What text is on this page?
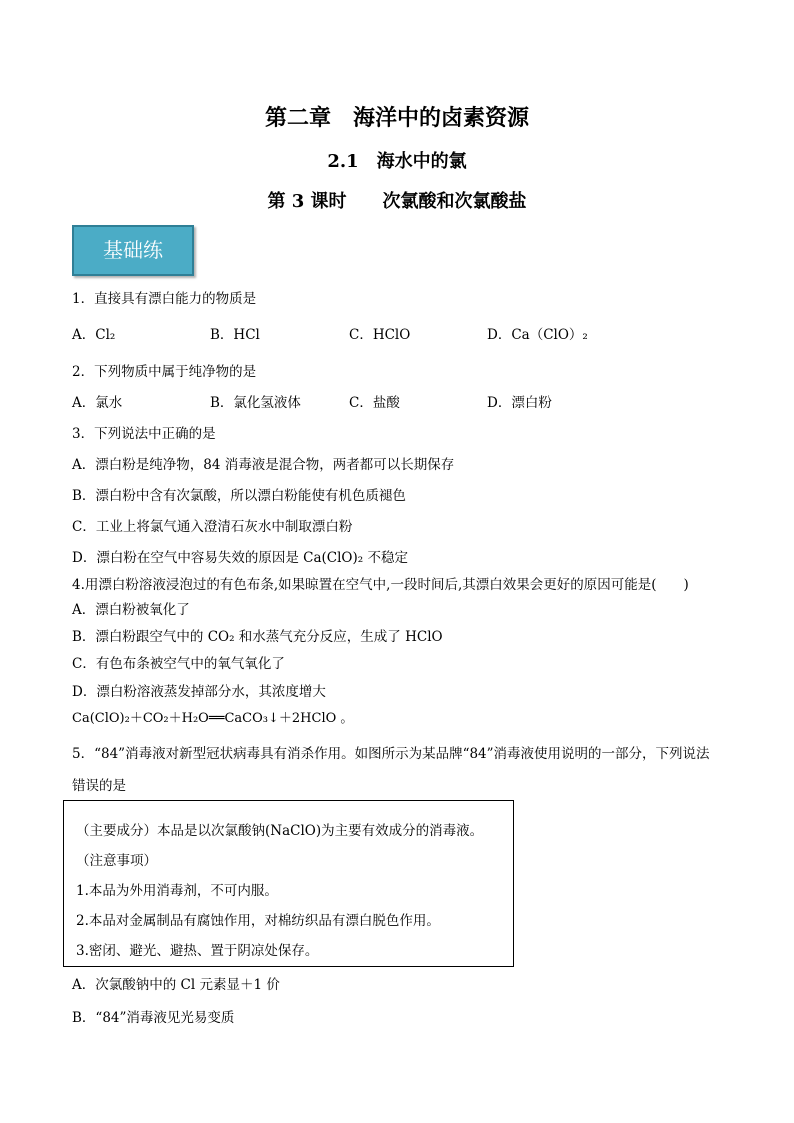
第二章　海洋中的卤素资源
2.1　海水中的氯
第 3 课时　　次氯酸和次氯酸盐
基础练
1．直接具有漂白能力的物质是
A．Cl₂	B．HCl	C．HClO	D．Ca（ClO）₂
2．下列物质中属于纯净物的是
A．氯水	B．氯化氢液体	C．盐酸	D．漂白粉
3．下列说法中正确的是
A．漂白粉是纯净物，84 消毒液是混合物，两者都可以长期保存
B．漂白粉中含有次氯酸，所以漂白粉能使有机色质褪色
C．工业上将氯气通入澄清石灰水中制取漂白粉
D．漂白粉在空气中容易失效的原因是 Ca(ClO)₂ 不稳定
4.用漂白粉溶液浸泡过的有色布条,如果晾置在空气中,一段时间后,其漂白效果会更好的原因可能是(　　)
A．漂白粉被氧化了
B．漂白粉跟空气中的 CO₂ 和水蒸气充分反应，生成了 HClO
C．有色布条被空气中的氧气氧化了
D．漂白粉溶液蒸发掉部分水，其浓度增大
Ca(ClO)₂＋CO₂＋H₂O══CaCO₃↓＋2HClO 。
5．“84”消毒液对新型冠状病毒具有消杀作用。如图所示为某品牌“84”消毒液使用说明的一部分，下列说法
错误的是
（主要成分）本品是以次氯酸钠(NaClO)为主要有效成分的消毒液。
（注意事项）
1.本品为外用消毒剂，不可内服。
2.本品对金属制品有腐蚀作用，对棉纺织品有漂白脱色作用。
3.密闭、避光、避热、置于阴凉处保存。
A．次氯酸钠中的 Cl 元素显＋1 价
B．“84”消毒液见光易变质
